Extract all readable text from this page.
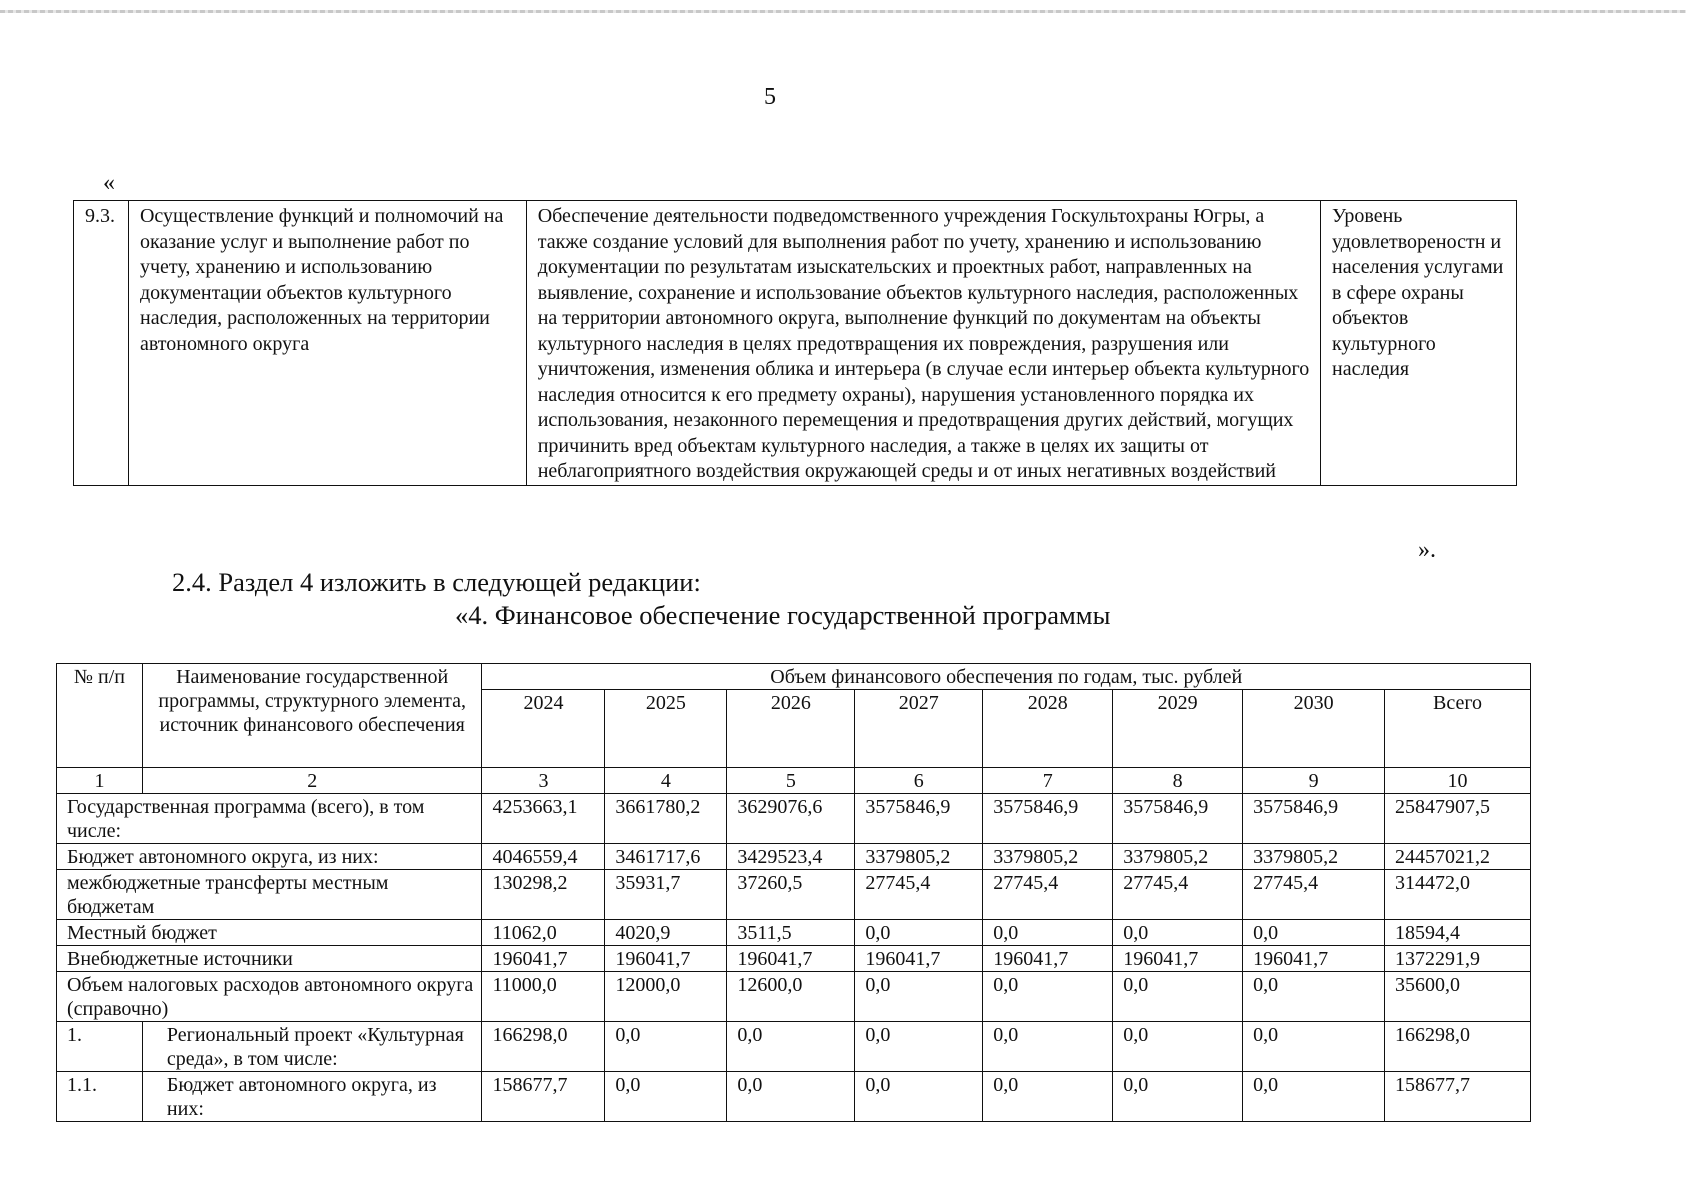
5
«
9.3.	Осуществление функций и полномочий на оказание услуг и выполнение работ по учету, хранению и использованию документации объектов культурного наследия, расположенных на территории автономного округа	Обеспечение деятельности подведомственного учреждения Госкультохраны Югры, а также создание условий для выполнения работ по учету, хранению и использованию документации по результатам изыскательских и проектных работ, направленных на выявление, сохранение и использование объектов культурного наследия, расположенных на территории автономного округа, выполнение функций по документам на объекты культурного наследия в целях предотвращения их повреждения, разрушения или уничтожения, изменения облика и интерьера (в случае если интерьер объекта культурного наследия относится к его предмету охраны), нарушения установленного порядка их использования, незаконного перемещения и предотвращения других действий, могущих причинить вред объектам культурного наследия, а также в целях их защиты от неблагоприятного воздействия окружающей среды и от иных негативных воздействий	Уровень удовлетвореностн и населения услугами в сфере охраны объектов культурного наследия
».
2.4. Раздел 4 изложить в следующей редакции:
«4. Финансовое обеспечение государственной программы
№ п/п	Наименование государственной программы, структурного элемента, источник финансового обеспечения	Объем финансового обеспечения по годам, тыс. рублей							
		2024	2025	2026	2027	2028	2029	2030	Всего
1	2	3	4	5	6	7	8	9	10
Государственная программа (всего), в том числе:		4253663,1	3661780,2	3629076,6	3575846,9	3575846,9	3575846,9	3575846,9	25847907,5
Бюджет автономного округа, из них:		4046559,4	3461717,6	3429523,4	3379805,2	3379805,2	3379805,2	3379805,2	24457021,2
межбюджетные трансферты местным бюджетам		130298,2	35931,7	37260,5	27745,4	27745,4	27745,4	27745,4	314472,0
Местный бюджет		11062,0	4020,9	3511,5	0,0	0,0	0,0	0,0	18594,4
Внебюджетные источники		196041,7	196041,7	196041,7	196041,7	196041,7	196041,7	196041,7	1372291,9
Объем налоговых расходов автономного округа (справочно)		11000,0	12000,0	12600,0	0,0	0,0	0,0	0,0	35600,0
1.	Региональный проект «Культурная среда», в том числе:	166298,0	0,0	0,0	0,0	0,0	0,0	0,0	166298,0
1.1.	Бюджет автономного округа, из них:	158677,7	0,0	0,0	0,0	0,0	0,0	0,0	158677,7
